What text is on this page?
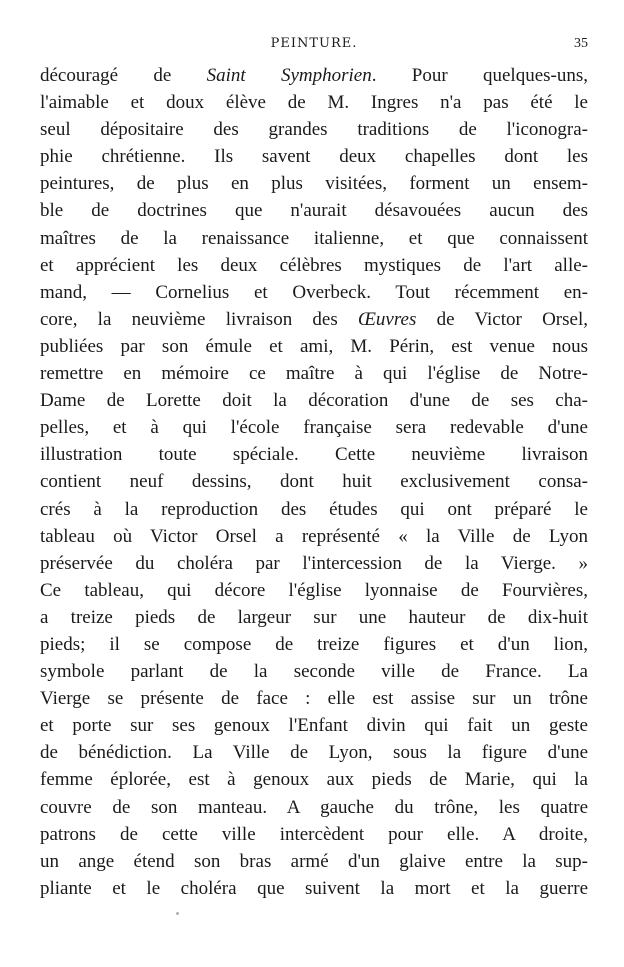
PEINTURE.	35
découragé de Saint Symphorien. Pour quelques-uns,
l'aimable et doux élève de M. Ingres n'a pas été le
seul dépositaire des grandes traditions de l'iconogra-
phie chrétienne. Ils savent deux chapelles dont les
peintures, de plus en plus visitées, forment un ensem-
ble de doctrines que n'aurait désavouées aucun des
maîtres de la renaissance italienne, et que connaissent
et apprécient les deux célèbres mystiques de l'art alle-
mand, — Cornelius et Overbeck. Tout récemment en-
core, la neuvième livraison des Œuvres de Victor Orsel,
publiées par son émule et ami, M. Périn, est venue nous
remettre en mémoire ce maître à qui l'église de Notre-
Dame de Lorette doit la décoration d'une de ses cha-
pelles, et à qui l'école française sera redevable d'une
illustration toute spéciale. Cette neuvième livraison
contient neuf dessins, dont huit exclusivement consa-
crés à la reproduction des études qui ont préparé le
tableau où Victor Orsel a représenté « la Ville de Lyon
préservée du choléra par l'intercession de la Vierge. »
Ce tableau, qui décore l'église lyonnaise de Fourvières,
a treize pieds de largeur sur une hauteur de dix-huit
pieds; il se compose de treize figures et d'un lion,
symbole parlant de la seconde ville de France. La
Vierge se présente de face : elle est assise sur un trône
et porte sur ses genoux l'Enfant divin qui fait un geste
de bénédiction. La Ville de Lyon, sous la figure d'une
femme éplorée, est à genoux aux pieds de Marie, qui la
couvre de son manteau. A gauche du trône, les quatre
patrons de cette ville intercèdent pour elle. A droite,
un ange étend son bras armé d'un glaive entre la sup-
pliante et le choléra que suivent la mort et la guerre
